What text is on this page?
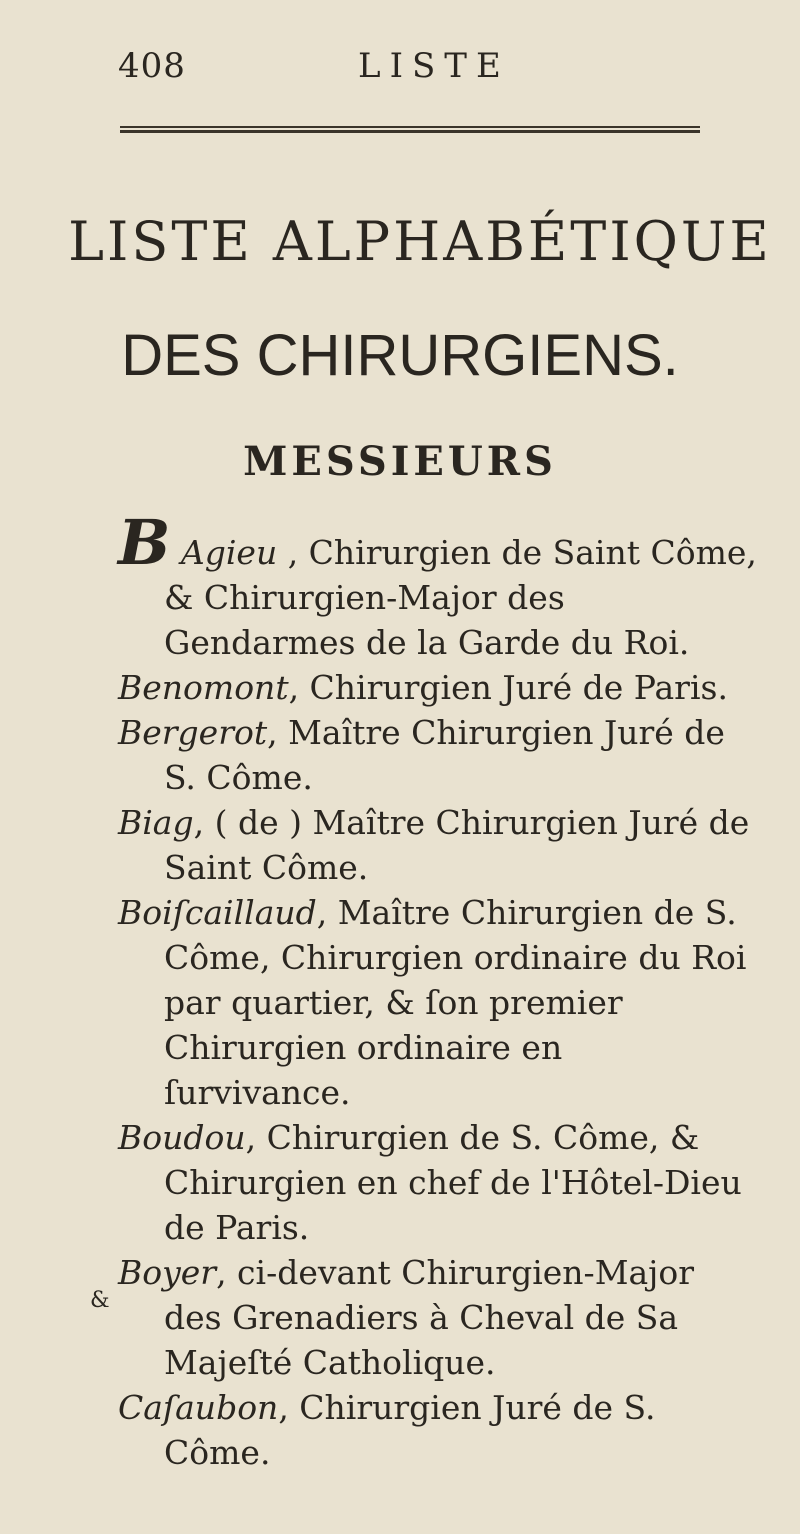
408	LISTE
LISTE ALPHABÉTIQUE
DES CHIRURGIENS.
MESSIEURS
B Agieu , Chirurgien de Saint Côme,
& Chirurgien-Major des Gendarmes de la Garde du Roi.
Benomont, Chirurgien Juré de Paris.
Bergerot, Maître Chirurgien Juré de S. Côme.
Biag, ( de ) Maître Chirurgien Juré de Saint Côme.
Boiſcaillaud, Maître Chirurgien de S. Côme, Chirurgien ordinaire du Roi par quartier, & ſon premier Chirurgien ordinaire en ſurvivance.
Boudou, Chirurgien de S. Côme, & Chirurgien en chef de l'Hôtel-Dieu de Paris.
Boyer, ci-devant Chirurgien-Major des Grenadiers à Cheval de Sa Majeſté Catholique.
Caſaubon, Chirurgien Juré de S. Côme.
&
